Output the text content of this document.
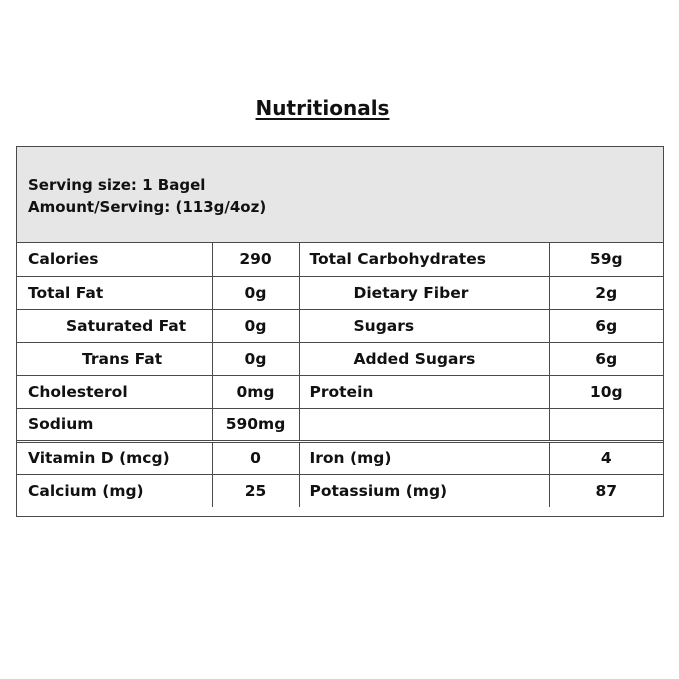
Nutritionals
Serving size: 1 Bagel
Amount/Serving: (113g/4oz)
Calories	290	Total Carbohydrates	59g
Total Fat	0g	Dietary Fiber	2g
Saturated Fat	0g	Sugars	6g
Trans Fat	0g	Added Sugars	6g
Cholesterol	0mg	Protein	10g
Sodium	590mg		
Vitamin D (mcg)	0	Iron (mg)	4
Calcium (mg)	25	Potassium (mg)	87
